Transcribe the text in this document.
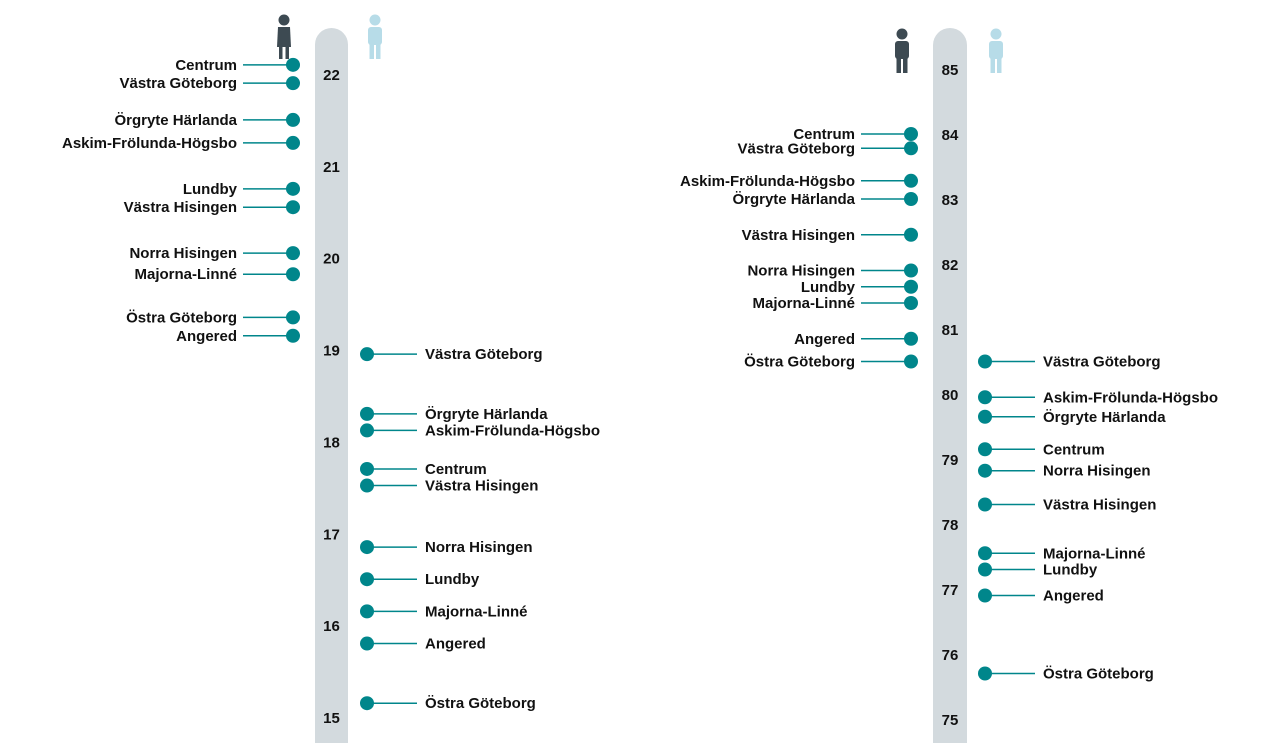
15
16
17
18
19
20
21
22
Centrum
Västra Göteborg
Örgryte Härlanda
Askim-Frölunda-Högsbo
Lundby
Västra Hisingen
Norra Hisingen
Majorna-Linné
Östra Göteborg
Angered
Västra Göteborg
Örgryte Härlanda
Askim-Frölunda-Högsbo
Centrum
Västra Hisingen
Norra Hisingen
Lundby
Majorna-Linné
Angered
Östra Göteborg
75
76
77
78
79
80
81
82
83
84
85
Centrum
Västra Göteborg
Askim-Frölunda-Högsbo
Örgryte Härlanda
Västra Hisingen
Norra Hisingen
Lundby
Majorna-Linné
Angered
Östra Göteborg	Västra Göteborg
Askim-Frölunda-Högsbo
Örgryte Härlanda
Centrum
Norra Hisingen
Västra Hisingen
Majorna-Linné
Lundby
Angered
Östra Göteborg
